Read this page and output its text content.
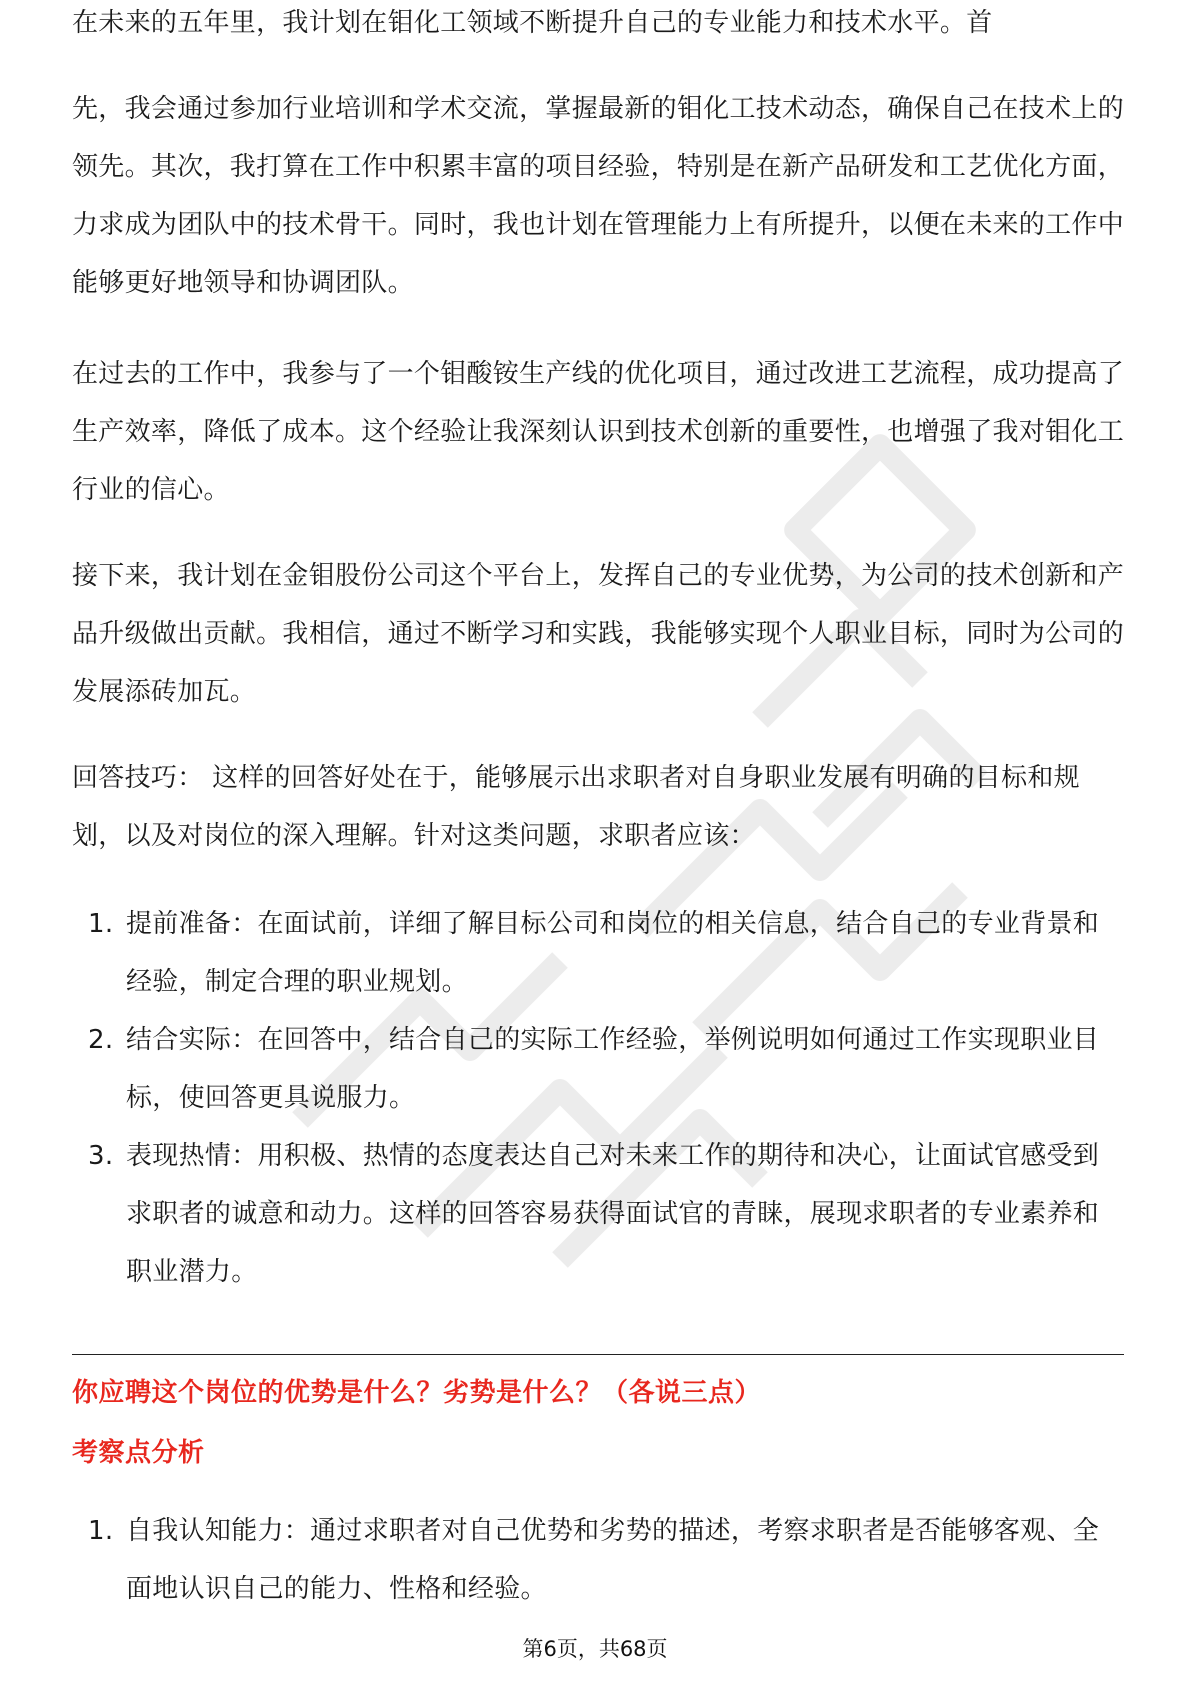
在未来的五年里，我计划在钼化工领域不断提升自己的专业能力和技术水平。首

先，我会通过参加行业培训和学术交流，掌握最新的钼化工技术动态，确保自己在技术上的领先。其次，我打算在工作中积累丰富的项目经验，特别是在新产品研发和工艺优化方面，力求成为团队中的技术骨干。同时，我也计划在管理能力上有所提升，以便在未来的工作中能够更好地领导和协调团队。

在过去的工作中，我参与了一个钼酸铵生产线的优化项目，通过改进工艺流程，成功提高了生产效率，降低了成本。这个经验让我深刻认识到技术创新的重要性，也增强了我对钼化工行业的信心。

接下来，我计划在金钼股份公司这个平台上，发挥自己的专业优势，为公司的技术创新和产品升级做出贡献。我相信，通过不断学习和实践，我能够实现个人职业目标，同时为公司的发展添砖加瓦。

回答技巧： 这样的回答好处在于，能够展示出求职者对自身职业发展有明确的目标和规划，以及对岗位的深入理解。针对这类问题，求职者应该：

1. 提前准备：在面试前，详细了解目标公司和岗位的相关信息，结合自己的专业背景和经验，制定合理的职业规划。
2. 结合实际：在回答中，结合自己的实际工作经验，举例说明如何通过工作实现职业目标，使回答更具说服力。
3. 表现热情：用积极、热情的态度表达自己对未来工作的期待和决心，让面试官感受到求职者的诚意和动力。这样的回答容易获得面试官的青睐，展现求职者的专业素养和职业潜力。
你应聘这个岗位的优势是什么？劣势是什么？（各说三点）
考察点分析
1. 自我认知能力：通过求职者对自己优势和劣势的描述，考察求职者是否能够客观、全面地认识自己的能力、性格和经验。
第6页，共68页
